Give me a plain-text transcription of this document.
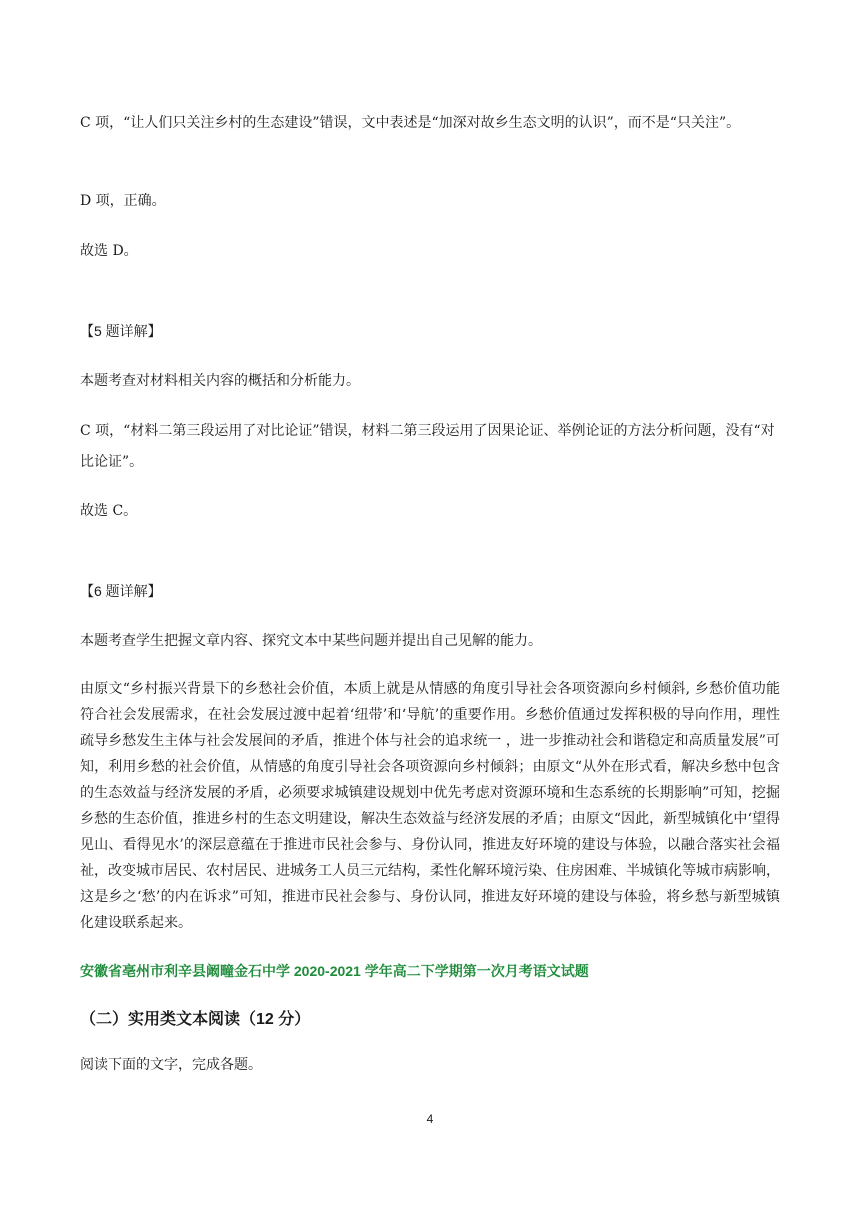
C 项，“让人们只关注乡村的生态建设”错误，文中表述是“加深对故乡生态文明的认识”，而不是“只关注”。

D 项，正确。

故选 D。

【5 题详解】

本题考查对材料相关内容的概括和分析能力。

C 项，“材料二第三段运用了对比论证”错误，材料二第三段运用了因果论证、举例论证的方法分析问题，没有“对比论证”。

故选 C。

【6 题详解】

本题考查学生把握文章内容、探究文本中某些问题并提出自己见解的能力。

由原文“乡村振兴背景下的乡愁社会价值，本质上就是从情感的角度引导社会各项资源向乡村倾斜, 乡愁价值功能符合社会发展需求，在社会发展过渡中起着‘纽带’和‘导航’的重要作用。乡愁价值通过发挥积极的导向作用，理性疏导乡愁发生主体与社会发展间的矛盾，推进个体与社会的追求统一 ，进一步推动社会和谐稳定和高质量发展”可知，利用乡愁的社会价值，从情感的角度引导社会各项资源向乡村倾斜；由原文“从外在形式看，解决乡愁中包含的生态效益与经济发展的矛盾，必须要求城镇建设规划中优先考虑对资源环境和生态系统的长期影响”可知，挖掘乡愁的生态价值，推进乡村的生态文明建设，解决生态效益与经济发展的矛盾；由原文“因此，新型城镇化中‘望得见山、看得见水’的深层意蕴在于推进市民社会参与、身份认同，推进友好环境的建设与体验，以融合落实社会福祉，改变城市居民、农村居民、进城务工人员三元结构，柔性化解环境污染、住房困难、半城镇化等城市病影响，这是乡之‘愁’的内在诉求”可知，推进市民社会参与、身份认同，推进友好环境的建设与体验，将乡愁与新型城镇化建设联系起来。

安徽省亳州市利辛县阚疃金石中学 2020-2021 学年高二下学期第一次月考语文试题

（二）实用类文本阅读（12 分）

阅读下面的文字，完成各题。

4
